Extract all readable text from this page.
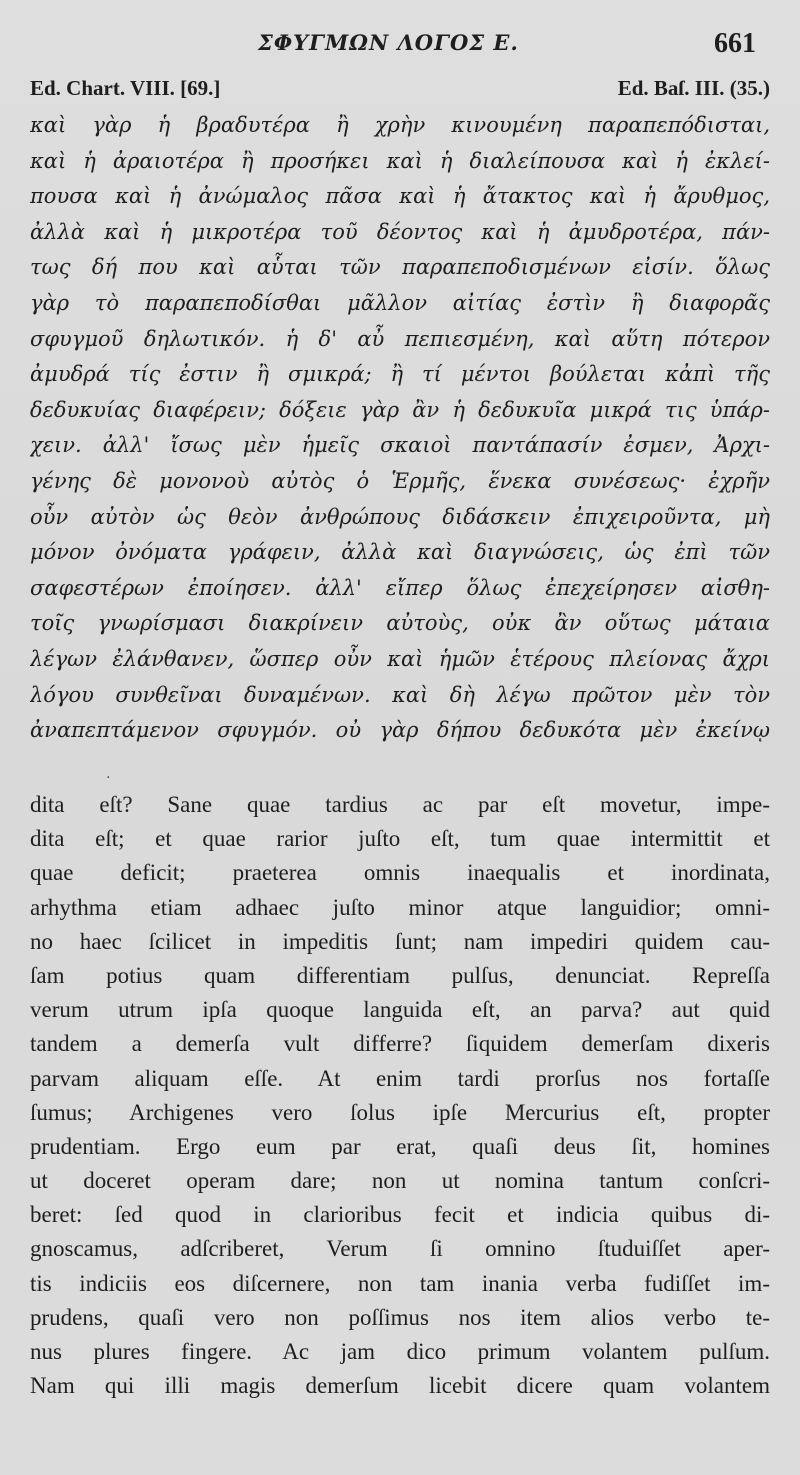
ΣΦΥΓΜΩΝ ΛΟΓΟΣ Ε.	661
Ed. Chart. VIII. [69.]	Ed. Baſ. III. (35.)
καὶ γὰρ ἡ βραδυτέρα ἢ χρὴν κινουμένη παραπεπόδισται,
καὶ ἡ ἀραιοτέρα ἢ προσήκει καὶ ἡ διαλείπουσα καὶ ἡ ἐκλεί-
πουσα καὶ ἡ ἀνώμαλος πᾶσα καὶ ἡ ἄτακτος καὶ ἡ ἄρυθμος,
ἀλλὰ καὶ ἡ μικροτέρα τοῦ δέοντος καὶ ἡ ἀμυδροτέρα, πάν-
τως δή που καὶ αὗται τῶν παραπεποδισμένων εἰσίν. ὅλως
γὰρ τὸ παραπεποδίσθαι μᾶλλον αἰτίας ἐστὶν ἢ διαφορᾶς
σφυγμοῦ δηλωτικόν. ἡ δ' αὖ πεπιεσμένη, καὶ αὕτη πότερον
ἀμυδρά τίς ἐστιν ἢ σμικρά; ἢ τί μέντοι βούλεται κἀπὶ τῆς
δεδυκυίας διαφέρειν; δόξειε γὰρ ἂν ἡ δεδυκυῖα μικρά τις ὑπάρ-
χειν. ἀλλ' ἴσως μὲν ἡμεῖς σκαιοὶ παντάπασίν ἐσμεν, Ἀρχι-
γένης δὲ μονονοὺ αὐτὸς ὁ Ἑρμῆς, ἕνεκα συνέσεως· ἐχρῆν
οὖν αὐτὸν ὡς θεὸν ἀνθρώπους διδάσκειν ἐπιχειροῦντα, μὴ
μόνον ὀνόματα γράφειν, ἀλλὰ καὶ διαγνώσεις, ὡς ἐπὶ τῶν
σαφεστέρων ἐποίησεν. ἀλλ' εἴπερ ὅλως ἐπεχείρησεν αἰσθη-
τοῖς γνωρίσμασι διακρίνειν αὐτοὺς, οὐκ ἂν οὕτως μάταια
λέγων ἐλάνθανεν, ὥσπερ οὖν καὶ ἡμῶν ἑτέρους πλείονας ἄχρι
λόγου συνθεῖναι δυναμένων. καὶ δὴ λέγω πρῶτον μὲν τὸν
ἀναπεπτάμενον σφυγμόν. οὐ γὰρ δήπου δεδυκότα μὲν ἐκείνῳ
·
dita eſt? Sane quae tardius ac par eſt movetur, impe-
dita eſt; et quae rarior juſto eſt, tum quae intermittit et
quae deficit; praeterea omnis inaequalis et inordinata,
arhythma etiam adhaec juſto minor atque languidior; omni-
no haec ſcilicet in impeditis ſunt; nam impediri quidem cau-
ſam potius quam differentiam pulſus, denunciat. Repreſſa
verum utrum ipſa quoque languida eſt, an parva? aut quid
tandem a demerſa vult differre? ſiquidem demerſam dixeris
parvam aliquam eſſe. At enim tardi prorſus nos fortaſſe
ſumus; Archigenes vero ſolus ipſe Mercurius eſt, propter
prudentiam. Ergo eum par erat, quaſi deus ſit, homines
ut doceret operam dare; non ut nomina tantum conſcri-
beret: ſed quod in clarioribus fecit et indicia quibus di-
gnoscamus, adſcriberet, Verum ſi omnino ſtuduiſſet aper-
tis indiciis eos diſcernere, non tam inania verba fudiſſet im-
prudens, quaſi vero non poſſimus nos item alios verbo te-
nus plures fingere. Ac jam dico primum volantem pulſum.
Nam qui illi magis demerſum licebit dicere quam volantem
